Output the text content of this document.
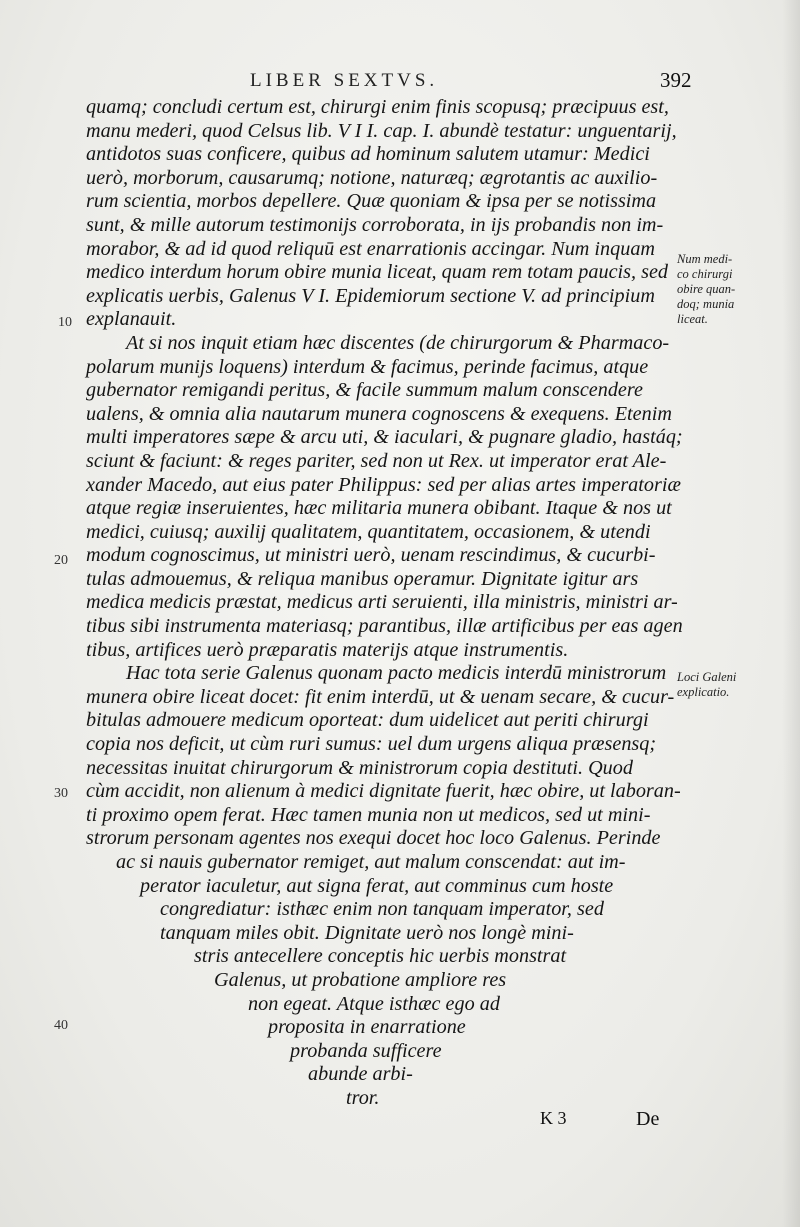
LIBER SEXTVS.	392
10
20
30
40
quamq; concludi certum est, chirurgi enim finis scopusq; præcipuus est,
manu mederi, quod Celsus lib. V I I. cap. I. abundè testatur: unguentarij,
antidotos suas conficere, quibus ad hominum salutem utamur: Medici
uerò, morborum, causarumq; notione, naturæq; ægrotantis ac auxilio-
rum scientia, morbos depellere. Quæ quoniam & ipsa per se notissima
sunt, & mille autorum testimonijs corroborata, in ijs probandis non im-
morabor, & ad id quod reliquū est enarrationis accingar. Num inquam
medico interdum horum obire munia liceat, quam rem totam paucis, sed
explicatis uerbis, Galenus V I. Epidemiorum sectione V. ad principium
explanauit.
At si nos inquit etiam hæc discentes (de chirurgorum & Pharmaco-
polarum munijs loquens) interdum & facimus, perinde facimus, atque
gubernator remigandi peritus, & facile summum malum conscendere
ualens, & omnia alia nautarum munera cognoscens & exequens. Etenim
multi imperatores sæpe & arcu uti, & iaculari, & pugnare gladio, hastáq;
sciunt & faciunt: & reges pariter, sed non ut Rex. ut imperator erat Ale-
xander Macedo, aut eius pater Philippus: sed per alias artes imperatoriæ
atque regiæ inseruientes, hæc militaria munera obibant. Itaque & nos ut
medici, cuiusq; auxilij qualitatem, quantitatem, occasionem, & utendi
modum cognoscimus, ut ministri uerò, uenam rescindimus, & cucurbi-
tulas admouemus, & reliqua manibus operamur. Dignitate igitur ars
medica medicis præstat, medicus arti seruienti, illa ministris, ministri ar-
tibus sibi instrumenta materiasq; parantibus, illæ artificibus per eas agen
tibus, artifices uerò præparatis materijs atque instrumentis.
Hac tota serie Galenus quonam pacto medicis interdū ministrorum
munera obire liceat docet: fit enim interdū, ut & uenam secare, & cucur-
bitulas admouere medicum oporteat: dum uidelicet aut periti chirurgi
copia nos deficit, ut cùm ruri sumus: uel dum urgens aliqua præsensq;
necessitas inuitat chirurgorum & ministrorum copia destituti. Quod
cùm accidit, non alienum à medici dignitate fuerit, hæc obire, ut laboran-
ti proximo opem ferat. Hæc tamen munia non ut medicos, sed ut mini-
strorum personam agentes nos exequi docet hoc loco Galenus. Perinde
ac si nauis gubernator remiget, aut malum conscendat: aut im-
perator iaculetur, aut signa ferat, aut comminus cum hoste
congrediatur: isthæc enim non tanquam imperator, sed
tanquam miles obit. Dignitate uerò nos longè mini-
stris antecellere conceptis hic uerbis monstrat
Galenus, ut probatione ampliore res
non egeat. Atque isthæc ego ad
proposita in enarratione
probanda sufficere
abunde arbi-
tror.
Num medi-
co chirurgi
obire quan-
doq; munia
liceat.
Loci Galeni
explicatio.
K 3	De
